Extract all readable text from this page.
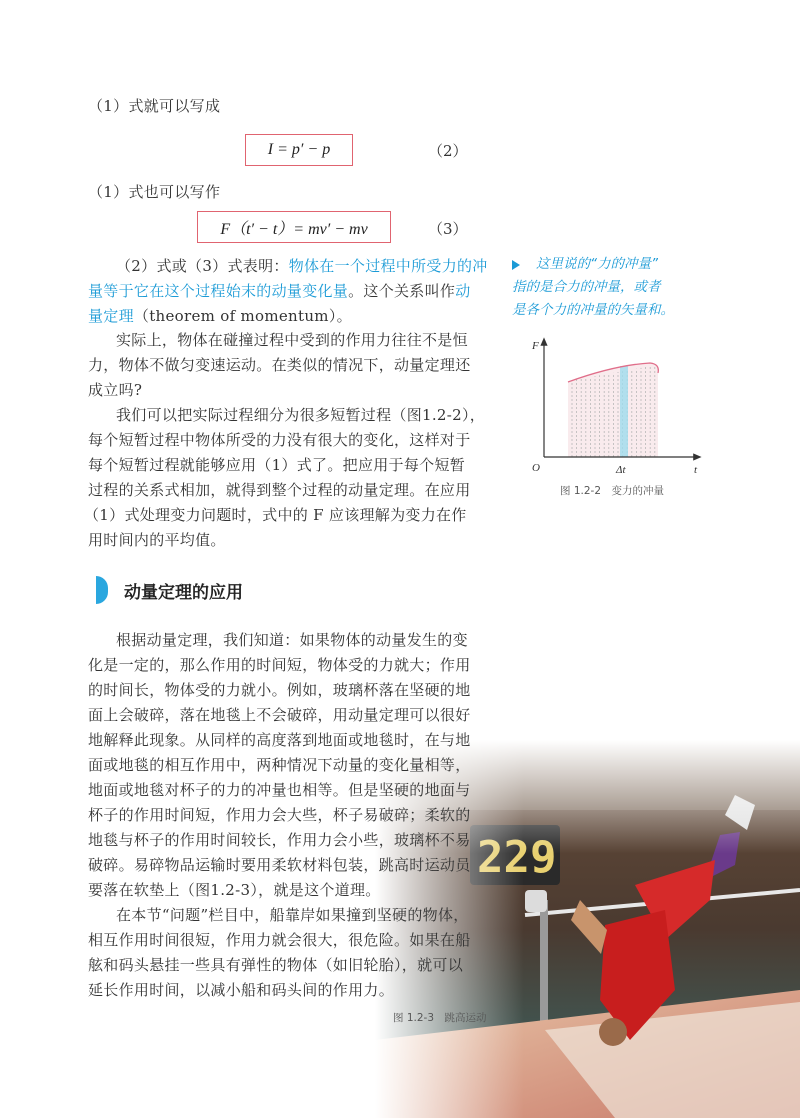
（1）式就可以写成
I = p′ − p	（2）
（1）式也可以写作
F（t′ − t）= mv′ − mv	（3）
（2）式或（3）式表明：物体在一个过程中所受力的冲
量等于它在这个过程始末的动量变化量。这个关系叫作动
量定理（theorem of momentum）。
实际上，物体在碰撞过程中受到的作用力往往不是恒
力，物体不做匀变速运动。在类似的情况下，动量定理还
成立吗?
我们可以把实际过程细分为很多短暂过程（图1.2-2），
每个短暂过程中物体所受的力没有很大的变化，这样对于
每个短暂过程就能够应用（1）式了。把应用于每个短暂
过程的关系式相加，就得到整个过程的动量定理。在应用
（1）式处理变力问题时，式中的 F 应该理解为变力在作
用时间内的平均值。
这里说的“力的冲量”
指的是合力的冲量，或者
是各个力的冲量的矢量和。
F
t
O	Δt
图 1.2-2　变力的冲量
动量定理的应用
根据动量定理，我们知道：如果物体的动量发生的变
化是一定的，那么作用的时间短，物体受的力就大；作用
的时间长，物体受的力就小。例如，玻璃杯落在坚硬的地
面上会破碎，落在地毯上不会破碎，用动量定理可以很好
地解释此现象。从同样的高度落到地面或地毯时，在与地
面或地毯的相互作用中，两种情况下动量的变化量相等，
地面或地毯对杯子的力的冲量也相等。但是坚硬的地面与
杯子的作用时间短，作用力会大些，杯子易破碎；柔软的
地毯与杯子的作用时间较长，作用力会小些，玻璃杯不易
破碎。易碎物品运输时要用柔软材料包装，跳高时运动员
要落在软垫上（图1.2-3），就是这个道理。
在本节“问题”栏目中，船靠岸如果撞到坚硬的物体，
相互作用时间很短，作用力就会很大，很危险。如果在船
舷和码头悬挂一些具有弹性的物体（如旧轮胎），就可以
延长作用时间，以减小船和码头间的作用力。
图 1.2-3　跳高运动
